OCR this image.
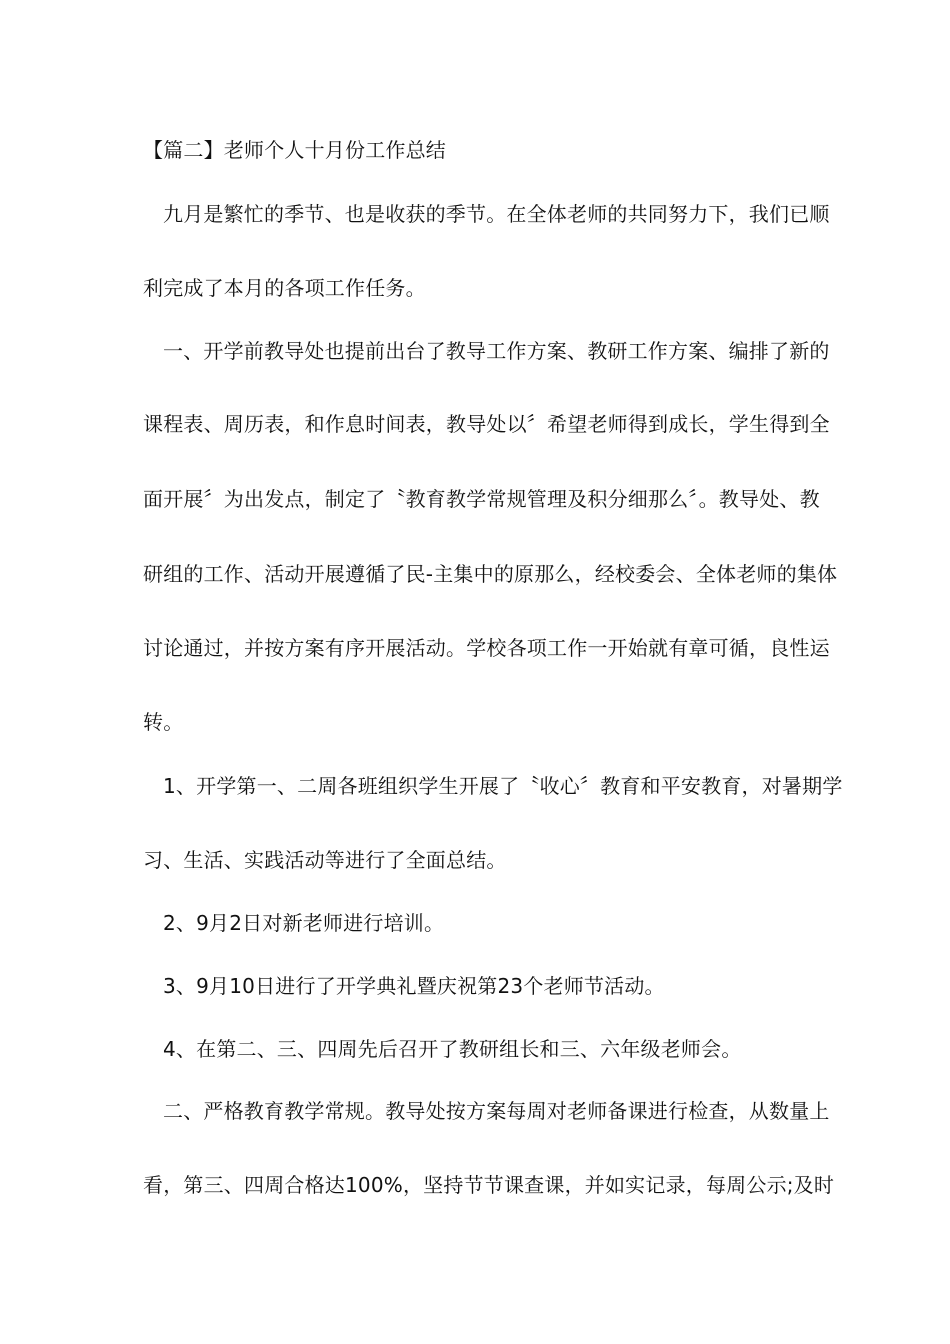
【篇二】老师个人十月份工作总结
九月是繁忙的季节、也是收获的季节。在全体老师的共同努力下，我们已顺
利完成了本月的各项工作任务。
一、开学前教导处也提前出台了教导工作方案、教研工作方案、编排了新的
课程表、周历表，和作息时间表，教导处以〞希望老师得到成长，学生得到全
面开展〞为出发点，制定了〝教育教学常规管理及积分细那么〞。教导处、教
研组的工作、活动开展遵循了民-主集中的原那么，经校委会、全体老师的集体
讨论通过，并按方案有序开展活动。学校各项工作一开始就有章可循，良性运
转。
1、开学第一、二周各班组织学生开展了〝收心〞教育和平安教育，对暑期学
习、生活、实践活动等进行了全面总结。
2、9月2日对新老师进行培训。
3、9月10日进行了开学典礼暨庆祝第23个老师节活动。
4、在第二、三、四周先后召开了教研组长和三、六年级老师会。
二、严格教育教学常规。教导处按方案每周对老师备课进行检查，从数量上
看，第三、四周合格达100%，坚持节节课查课，并如实记录，每周公示;及时
